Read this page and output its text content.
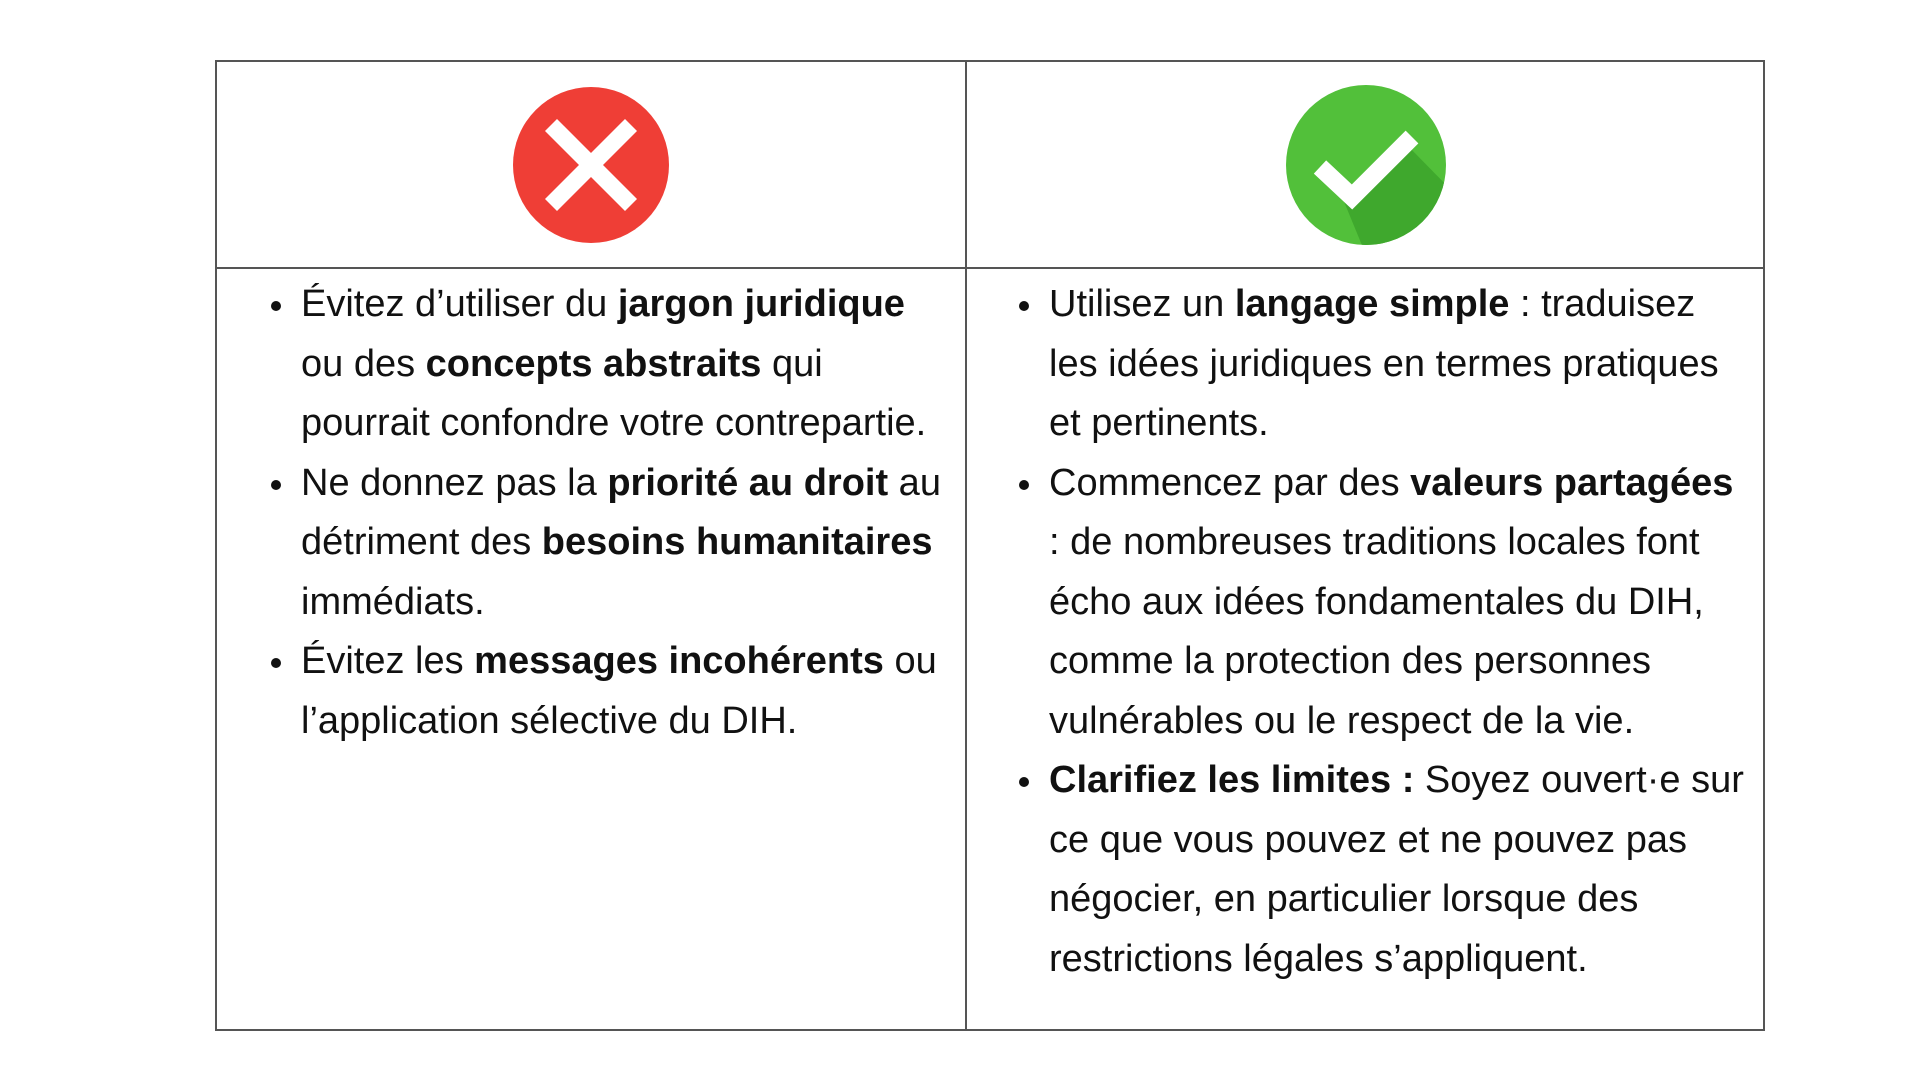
Évitez d’utiliser du jargon juridique ou des concepts abstraits qui pourrait confondre votre contrepartie.
Ne donnez pas la priorité au droit au détriment des besoins humanitaires immédiats.
Évitez les messages incohérents ou l’application sélective du DIH.
Utilisez un langage simple : traduisez les idées juridiques en termes pratiques et pertinents.
Commencez par des valeurs partagées : de nombreuses traditions locales font écho aux idées fondamentales du DIH, comme la protection des personnes vulnérables ou le respect de la vie.
Clarifiez les limites : Soyez ouvert·e sur ce que vous pouvez et ne pouvez pas négocier, en particulier lorsque des restrictions légales s’appliquent.
